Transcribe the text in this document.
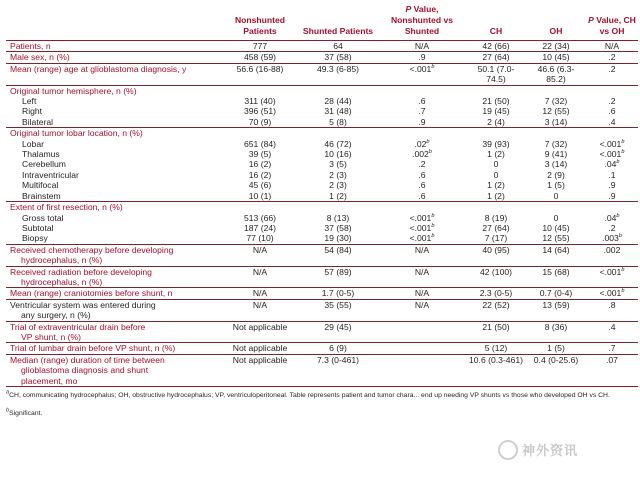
	Nonshunted Patients	Shunted Patients	P Value, Nonshunted vs Shunted	CH	OH	P Value, CH vs OH

Patients, n	777	64	N/A	42 (66)	22 (34)	N/A

Male sex, n (%)	458 (59)	37 (58)	.9	27 (64)	10 (45)	.2

Mean (range) age at glioblastoma diagnosis, y	56.6 (16-88)	49.3 (6-85)	<.001$^b$	50.1 (7.0-74.5)	46.6 (6.3-85.2)	.2

Original tumor hemisphere, n (%)						

Left	311 (40)	28 (44)	.6	21 (50)	7 (32)	.2

Right	396 (51)	31 (48)	.7	19 (45)	12 (55)	.6

Bilateral	70 (9)	5 (8)	.9	2 (4)	3 (14)	.4

Original tumor lobar location, n (%)						

Lobar	651 (84)	46 (72)	.02$^b$	39 (93)	7 (32)	<.001$^b$

Thalamus	39 (5)	10 (16)	.002$^b$	1 (2)	9 (41)	<.001$^b$

Cerebellum	16 (2)	3 (5)	.2	0	3 (14)	.04$^b$

Intraventricular	16 (2)	2 (3)	.6	0	2 (9)	.1

Multifocal	45 (6)	2 (3)	.6	1 (2)	1 (5)	.9

Brainstem	10 (1)	1 (2)	.6	1 (2)	0	.9

Extent of first resection, n (%)						

Gross total	513 (66)	8 (13)	<.001$^b$	8 (19)	0	.04$^b$

Subtotal	187 (24)	37 (58)	<.001$^b$	27 (64)	10 (45)	.2

Biopsy	77 (10)	19 (30)	<.001$^b$	7 (17)	12 (55)	.003$^b$

Received chemotherapy before developing
hydrocephalus, n (%)	N/A	54 (84)	N/A	40 (95)	14 (64)	.002

Received radiation before developing
hydrocephalus, n (%)	N/A	57 (89)	N/A	42 (100)	15 (68)	<.001$^b$

Mean (range) craniotomies before shunt, n	N/A	1.7 (0-5)	N/A	2.3 (0-5)	0.7 (0-4)	<.001$^b$

Ventricular system was entered during
any surgery, n (%)	N/A	35 (55)	N/A	22 (52)	13 (59)	.8

Trial of extraventricular drain before
VP shunt, n (%)	Not applicable	29 (45)		21 (50)	8 (36)	.4

Trial of lumbar drain before VP shunt, n (%)	Not applicable	6 (9)		5 (12)	1 (5)	.7

Median (range) duration of time between
glioblastoma diagnosis and shunt
placement, mo	Not applicable	7.3 (0-461)		10.6 (0.3-461)	0.4 (0-25.6)	.07
$^a$CH, communicating hydrocephalus; OH, obstructive hydrocephalus; VP, ventriculoperitoneal. Table represents patient and tumor chara... end up needing VP shunts vs those who developed OH vs CH.
$^b$Significant.
神外资讯
